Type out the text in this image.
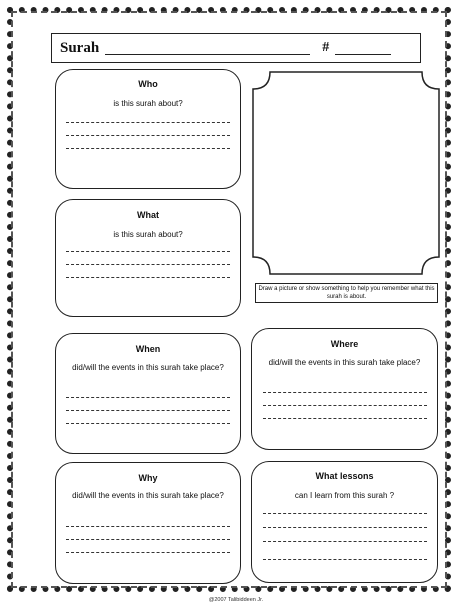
Surah	#
Who
is this surah about?
What
is this surah about?
Draw a picture or show something to help you remember what this surah is about.
When
did/will the events in this surah take place?
Where
did/will the events in this surah take place?
Why
did/will the events in this surah take place?
What lessons
can I learn from this surah ?
@2007 Talibiddeen Jr.
